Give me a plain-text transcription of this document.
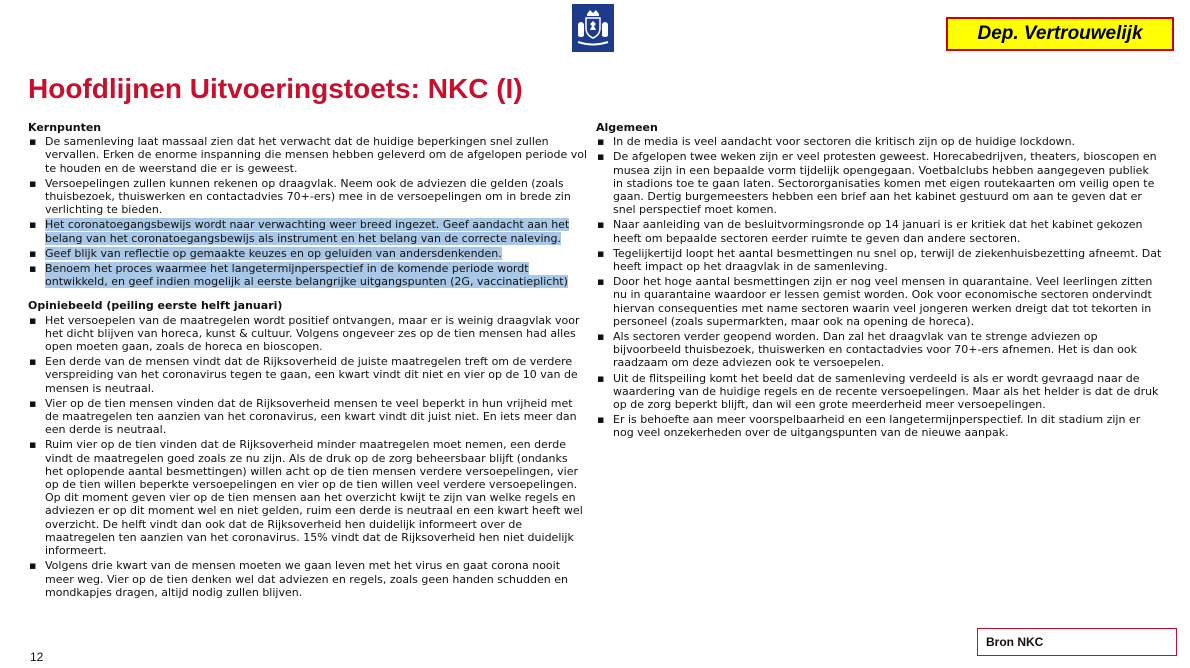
Dep. Vertrouwelijk
Hoofdlijnen Uitvoeringstoets: NKC (I)
Kernpunten
▪ De samenleving laat massaal zien dat het verwacht dat de huidige beperkingen snel zullen vervallen. Erken de enorme inspanning die mensen hebben geleverd om de afgelopen periode vol te houden en de weerstand die er is geweest.
▪ Versoepelingen zullen kunnen rekenen op draagvlak. Neem ook de adviezen die gelden (zoals thuisbezoek, thuiswerken en contactadvies 70+-ers) mee in de versoepelingen om in brede zin verlichting te bieden.
▪ Het coronatoegangsbewijs wordt naar verwachting weer breed ingezet. Geef aandacht aan het belang van het coronatoegangsbewijs als instrument en het belang van de correcte naleving.
▪ Geef blijk van reflectie op gemaakte keuzes en op geluiden van andersdenkenden.
▪ Benoem het proces waarmee het langetermijnperspectief in de komende periode wordt ontwikkeld, en geef indien mogelijk al eerste belangrijke uitgangspunten (2G, vaccinatieplicht)
Opiniebeeld (peiling eerste helft januari)
▪ Het versoepelen van de maatregelen wordt positief ontvangen, maar er is weinig draagvlak voor het dicht blijven van horeca, kunst & cultuur. Volgens ongeveer zes op de tien mensen had alles open moeten gaan, zoals de horeca en bioscopen.
▪ Een derde van de mensen vindt dat de Rijksoverheid de juiste maatregelen treft om de verdere verspreiding van het coronavirus tegen te gaan, een kwart vindt dit niet en vier op de 10 van de mensen is neutraal.
▪ Vier op de tien mensen vinden dat de Rijksoverheid mensen te veel beperkt in hun vrijheid met de maatregelen ten aanzien van het coronavirus, een kwart vindt dit juist niet. En iets meer dan een derde is neutraal.
▪ Ruim vier op de tien vinden dat de Rijksoverheid minder maatregelen moet nemen, een derde vindt de maatregelen goed zoals ze nu zijn. Als de druk op de zorg beheersbaar blijft (ondanks het oplopende aantal besmettingen) willen acht op de tien mensen verdere versoepelingen, vier op de tien willen beperkte versoepelingen en vier op de tien willen veel verdere versoepelingen. Op dit moment geven vier op de tien mensen aan het overzicht kwijt te zijn van welke regels en adviezen er op dit moment wel en niet gelden, ruim een derde is neutraal en een kwart heeft wel overzicht. De helft vindt dan ook dat de Rijksoverheid hen duidelijk informeert over de maatregelen ten aanzien van het coronavirus. 15% vindt dat de Rijksoverheid hen niet duidelijk informeert.
▪ Volgens drie kwart van de mensen moeten we gaan leven met het virus en gaat corona nooit meer weg. Vier op de tien denken wel dat adviezen en regels, zoals geen handen schudden en mondkapjes dragen, altijd nodig zullen blijven.
Algemeen
▪ In de media is veel aandacht voor sectoren die kritisch zijn op de huidige lockdown.
▪ De afgelopen twee weken zijn er veel protesten geweest. Horecabedrijven, theaters, bioscopen en musea zijn in een bepaalde vorm tijdelijk opengegaan. Voetbalclubs hebben aangegeven publiek in stadions toe te gaan laten. Sectororganisaties komen met eigen routekaarten om veilig open te gaan. Dertig burgemeesters hebben een brief aan het kabinet gestuurd om aan te geven dat er snel perspectief moet komen.
▪ Naar aanleiding van de besluitvormingsronde op 14 januari is er kritiek dat het kabinet gekozen heeft om bepaalde sectoren eerder ruimte te geven dan andere sectoren.
▪ Tegelijkertijd loopt het aantal besmettingen nu snel op, terwijl de ziekenhuisbezetting afneemt. Dat heeft impact op het draagvlak in de samenleving.
▪ Door het hoge aantal besmettingen zijn er nog veel mensen in quarantaine. Veel leerlingen zitten nu in quarantaine waardoor er lessen gemist worden. Ook voor economische sectoren ondervindt hiervan consequenties met name sectoren waarin veel jongeren werken dreigt dat tot tekorten in personeel (zoals supermarkten, maar ook na opening de horeca).
▪ Als sectoren verder geopend worden. Dan zal het draagvlak van te strenge adviezen op bijvoorbeeld thuisbezoek, thuiswerken en contactadvies voor 70+-ers afnemen. Het is dan ook raadzaam om deze adviezen ook te versoepelen.
▪ Uit de flitspeiling komt het beeld dat de samenleving verdeeld is als er wordt gevraagd naar de waardering van de huidige regels en de recente versoepelingen. Maar als het helder is dat de druk op de zorg beperkt blijft, dan wil een grote meerderheid meer versoepelingen.
▪ Er is behoefte aan meer voorspelbaarheid en een langetermijnperspectief. In dit stadium zijn er nog veel onzekerheden over de uitgangspunten van de nieuwe aanpak.
12
Bron NKC
